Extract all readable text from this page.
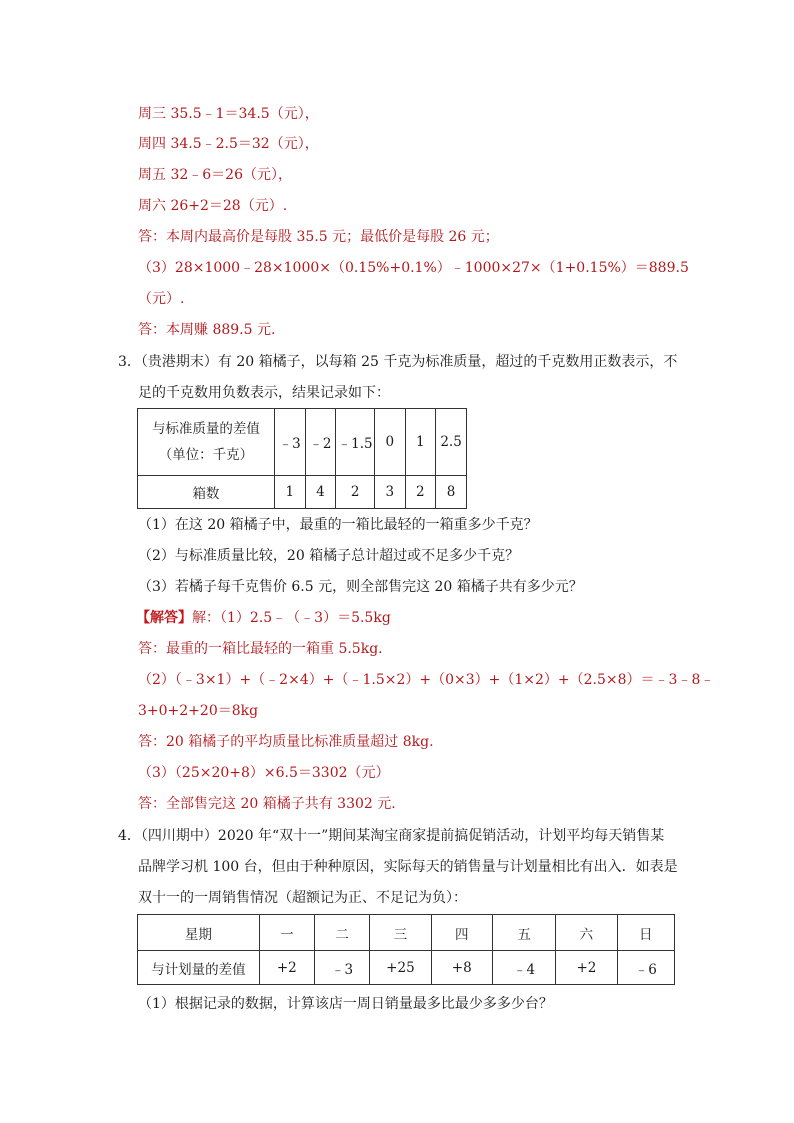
周三 35.5﹣1＝34.5（元），
周四 34.5﹣2.5＝32（元），
周五 32﹣6＝26（元），
周六 26+2＝28（元）.
答：本周内最高价是每股 35.5 元；最低价是每股 26 元；
（3）28×1000﹣28×1000×（0.15%+0.1%）﹣1000×27×（1+0.15%）＝889.5
（元）.
答：本周赚 889.5 元.
3．（贵港期末）有 20 箱橘子，以每箱 25 千克为标准质量，超过的千克数用正数表示，不
足的千克数用负数表示，结果记录如下：
与标准质量的差值
（单位：千克）	﹣3	﹣2	﹣1.5	0	1	2.5
箱数	1	4	2	3	2	8
（1）在这 20 箱橘子中，最重的一箱比最轻的一箱重多少千克？
（2）与标准质量比较，20 箱橘子总计超过或不足多少千克？
（3）若橘子每千克售价 6.5 元，则全部售完这 20 箱橘子共有多少元？
【解答】解：（1）2.5﹣（﹣3）＝5.5kg
答：最重的一箱比最轻的一箱重 5.5kg.
（2）（﹣3×1）+（﹣2×4）+（﹣1.5×2）+（0×3）+（1×2）+（2.5×8）＝﹣3﹣8﹣
3+0+2+20＝8kg
答：20 箱橘子的平均质量比标准质量超过 8kg.
（3）（25×20+8）×6.5＝3302（元）
答：全部售完这 20 箱橘子共有 3302 元.
4．（四川期中）2020 年“双十一”期间某淘宝商家提前搞促销活动，计划平均每天销售某
品牌学习机 100 台，但由于种种原因，实际每天的销售量与计划量相比有出入．如表是
双十一的一周销售情况（超额记为正、不足记为负）：
星期	一	二	三	四	五	六	日
与计划量的差值	+2	﹣3	+25	+8	﹣4	+2	﹣6
（1）根据记录的数据，计算该店一周日销量最多比最少多多少台？
